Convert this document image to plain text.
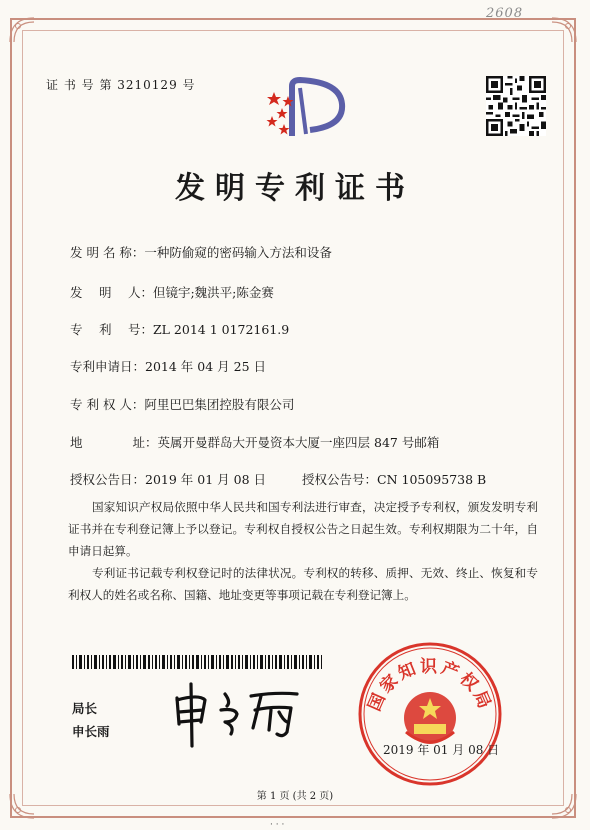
2608
证 书 号 第 3210129 号
发明专利证书
发 明 名 称：一种防偷窥的密码输入方法和设备
发　 明　 人：但镜宇;魏洪平;陈金赛
专　 利　 号：ZL 2014 1 0172161.9
专利申请日：2014 年 04 月 25 日
专 利 权 人：阿里巴巴集团控股有限公司
地　　　　址：英属开曼群岛大开曼资本大厦一座四层 847 号邮箱
授权公告日：2019 年 01 月 08 日	授权公告号：CN 105095738 B
国家知识产权局依照中华人民共和国专利法进行审查，决定授予专利权，颁发发明专利证书并在专利登记簿上予以登记。专利权自授权公告之日起生效。专利权期限为二十年，自申请日起算。
专利证书记载专利权登记时的法律状况。专利权的转移、质押、无效、终止、恢复和专利权人的姓名或名称、国籍、地址变更等事项记载在专利登记簿上。
局长
申长雨
国家知识产权局
2019 年 01 月 08 日
第 1 页 (共 2 页)
· · ·
